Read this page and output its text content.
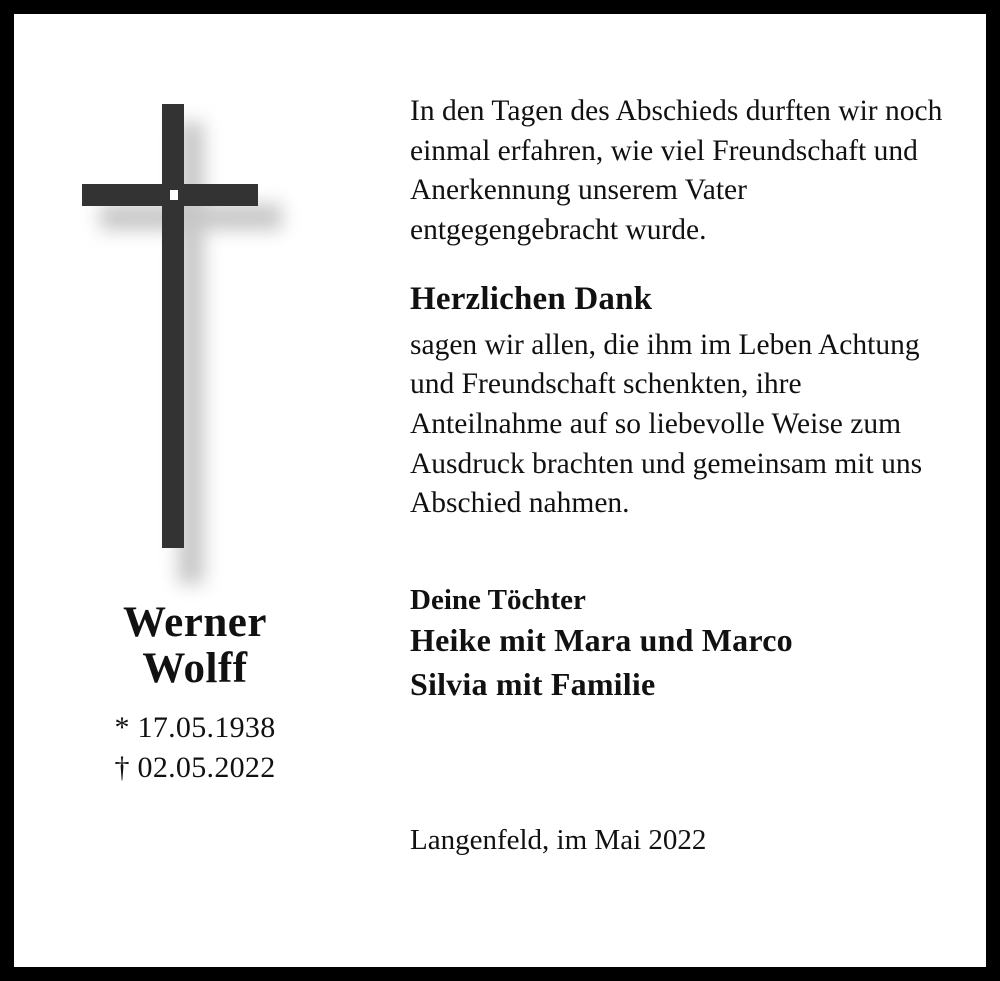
Werner
Wolff
* 17.05.1938
† 02.05.2022

In den Tagen des Abschieds durften wir noch einmal erfahren, wie viel Freundschaft und Anerkennung unserem Vater entgegengebracht wurde.

Herzlichen Dank

sagen wir allen, die ihm im Leben Achtung und Freundschaft schenkten, ihre Anteilnahme auf so liebevolle Weise zum Ausdruck brachten und gemeinsam mit uns Abschied nahmen.

Deine Töchter

Heike mit Mara und Marco

Silvia mit Familie

Langenfeld, im Mai 2022
